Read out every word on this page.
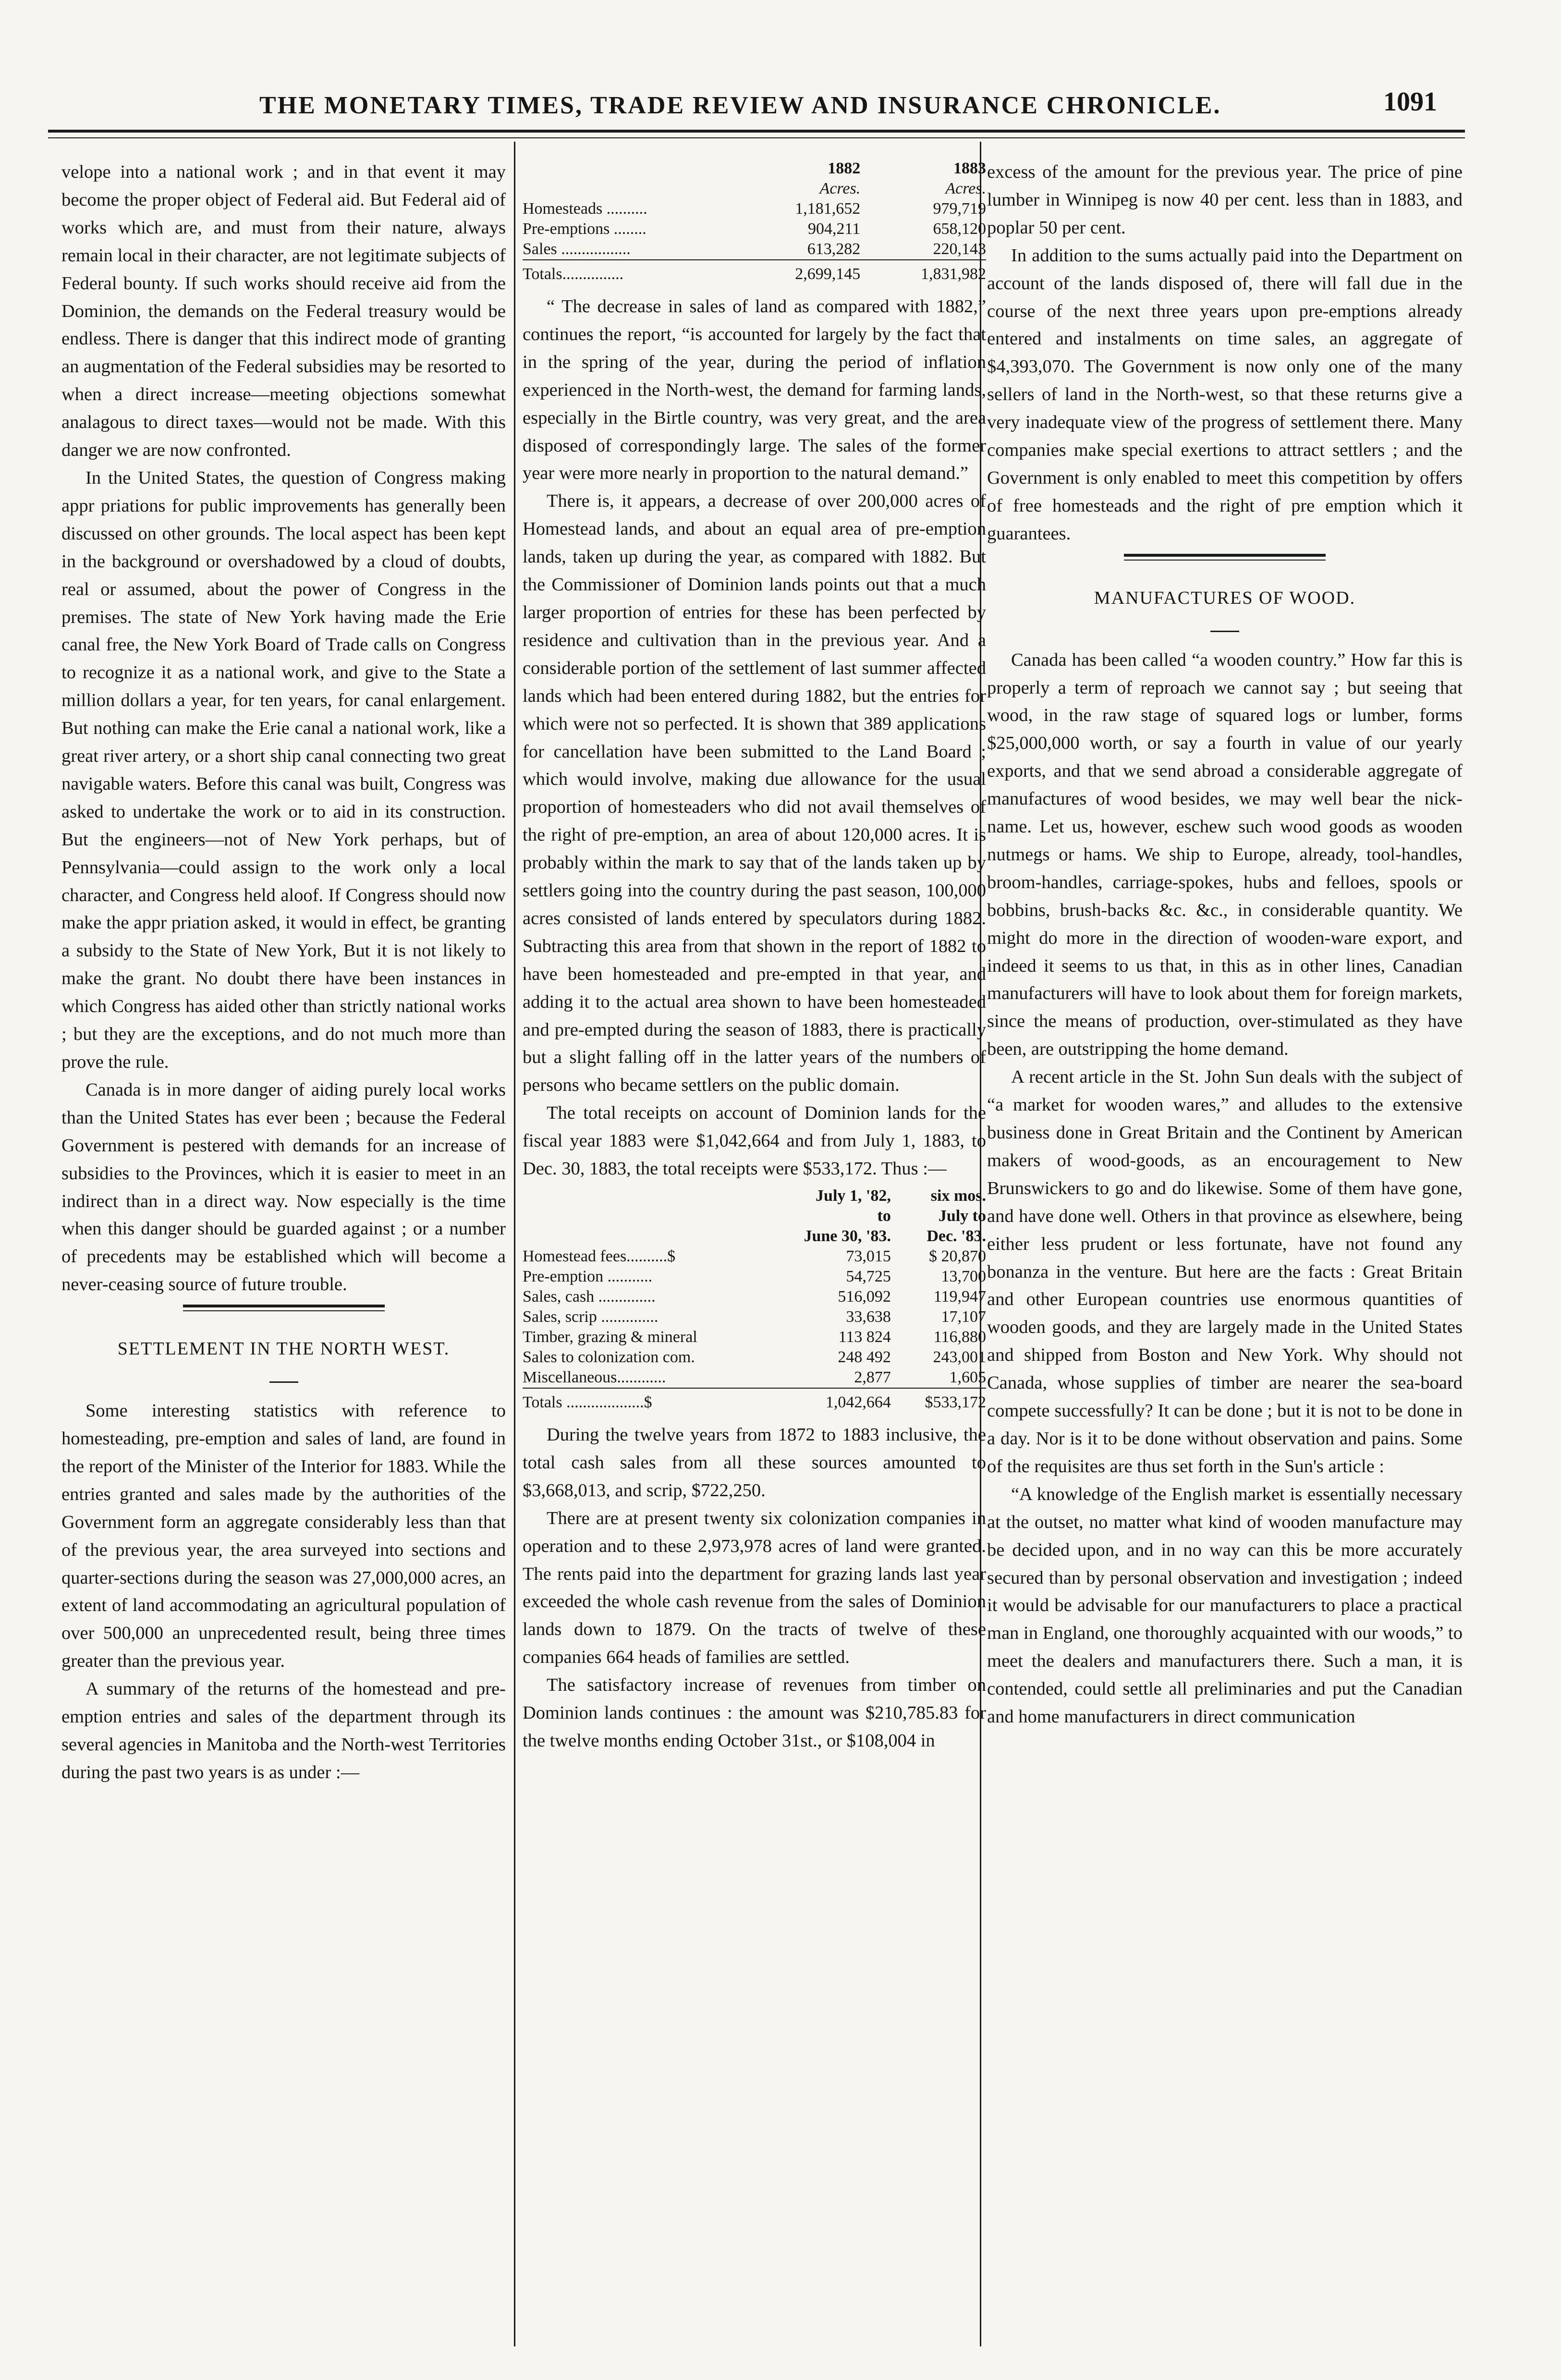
THE MONETARY TIMES, TRADE REVIEW AND INSURANCE CHRONICLE.	1091

velope into a national work ; and in that event it may become the proper object of Federal aid. But Federal aid of works which are, and must from their nature, always remain local in their character, are not legitimate subjects of Federal bounty. If such works should receive aid from the Dominion, the demands on the Federal treasury would be endless. There is danger that this indirect mode of granting an augmentation of the Federal subsidies may be resorted to when a direct increase—meeting objections somewhat analagous to direct taxes—would not be made. With this danger we are now confronted.

In the United States, the question of Congress making appr priations for public improvements has generally been discussed on other grounds. The local aspect has been kept in the background or overshadowed by a cloud of doubts, real or assumed, about the power of Congress in the premises. The state of New York having made the Erie canal free, the New York Board of Trade calls on Congress to recognize it as a national work, and give to the State a million dollars a year, for ten years, for canal enlargement. But nothing can make the Erie canal a national work, like a great river artery, or a short ship canal connecting two great navigable waters. Before this canal was built, Congress was asked to undertake the work or to aid in its construction. But the engineers—not of New York perhaps, but of Pennsylvania—could assign to the work only a local character, and Congress held aloof. If Congress should now make the appr priation asked, it would in effect, be granting a subsidy to the State of New York, But it is not likely to make the grant. No doubt there have been instances in which Congress has aided other than strictly national works ; but they are the exceptions, and do not much more than prove the rule.

Canada is in more danger of aiding purely local works than the United States has ever been ; because the Federal Government is pestered with demands for an increase of subsidies to the Provinces, which it is easier to meet in an indirect than in a direct way. Now especially is the time when this danger should be guarded against ; or a number of precedents may be established which will become a never-ceasing source of future trouble.

SETTLEMENT IN THE NORTH WEST.

Some interesting statistics with reference to homesteading, pre-emption and sales of land, are found in the report of the Minister of the Interior for 1883. While the entries granted and sales made by the authorities of the Government form an aggregate considerably less than that of the previous year, the area surveyed into sections and quarter-sections during the season was 27,000,000 acres, an extent of land accommodating an agricultural population of over 500,000 an unprecedented result, being three times greater than the previous year.

A summary of the returns of the homestead and pre-emption entries and sales of the department through its several agencies in Manitoba and the North-west Territories during the past two years is as under :—

	1882	1883
	Acres.	Acres.
Homesteads ..........	1,181,652	979,719
Pre-emptions ........	904,211	658,120
Sales .................	613,282	220,143
Totals...............	2,699,145	1,831,982

“ The decrease in sales of land as compared with 1882,” continues the report, “is accounted for largely by the fact that in the spring of the year, during the period of inflation experienced in the North-west, the demand for farming lands, especially in the Birtle country, was very great, and the area disposed of correspondingly large. The sales of the former year were more nearly in proportion to the natural demand.”

There is, it appears, a decrease of over 200,000 acres of Homestead lands, and about an equal area of pre-emption lands, taken up during the year, as compared with 1882. But the Commissioner of Dominion lands points out that a much larger proportion of entries for these has been perfected by residence and cultivation than in the previous year. And a considerable portion of the settlement of last summer affected lands which had been entered during 1882, but the entries for which were not so perfected. It is shown that 389 applications for cancellation have been submitted to the Land Board ; which would involve, making due allowance for the usual proportion of homesteaders who did not avail themselves of the right of pre-emption, an area of about 120,000 acres. It is probably within the mark to say that of the lands taken up by settlers going into the country during the past season, 100,000 acres consisted of lands entered by speculators during 1882. Subtracting this area from that shown in the report of 1882 to have been homesteaded and pre-empted in that year, and adding it to the actual area shown to have been homesteaded and pre-empted during the season of 1883, there is practically but a slight falling off in the latter years of the numbers of persons who became settlers on the public domain.

The total receipts on account of Dominion lands for the fiscal year 1883 were $1,042,664 and from July 1, 1883, to Dec. 30, 1883, the total receipts were $533,172. Thus :—

	July 1, '82,	six mos.
	to	July to
	June 30, '83.	Dec. '83.
Homestead fees..........$	73,015	$ 20,870
Pre-emption ...........	54,725	13,700
Sales, cash ..............	516,092	119,947
Sales, scrip ..............	33,638	17,107
Timber, grazing & mineral	113 824	116,880
Sales to colonization com.	248 492	243,001
Miscellaneous............	2,877	1,605
Totals ...................$	1,042,664	$533,172

During the twelve years from 1872 to 1883 inclusive, the total cash sales from all these sources amounted to $3,668,013, and scrip, $722,250.

There are at present twenty six colonization companies in operation and to these 2,973,978 acres of land were granted. The rents paid into the department for grazing lands last year exceeded the whole cash revenue from the sales of Dominion lands down to 1879. On the tracts of twelve of these companies 664 heads of families are settled.

The satisfactory increase of revenues from timber on Dominion lands continues : the amount was $210,785.83 for the twelve months ending October 31st., or $108,004 in

excess of the amount for the previous year. The price of pine lumber in Winnipeg is now 40 per cent. less than in 1883, and poplar 50 per cent.

In addition to the sums actually paid into the Department on account of the lands disposed of, there will fall due in the course of the next three years upon pre-emptions already entered and instalments on time sales, an aggregate of $4,393,070. The Government is now only one of the many sellers of land in the North-west, so that these returns give a very inadequate view of the progress of settlement there. Many companies make special exertions to attract settlers ; and the Government is only enabled to meet this competition by offers of free homesteads and the right of pre emption which it guarantees.

MANUFACTURES OF WOOD.

Canada has been called “a wooden country.” How far this is properly a term of reproach we cannot say ; but seeing that wood, in the raw stage of squared logs or lumber, forms $25,000,000 worth, or say a fourth in value of our yearly exports, and that we send abroad a considerable aggregate of manufactures of wood besides, we may well bear the nick-name. Let us, however, eschew such wood goods as wooden nutmegs or hams. We ship to Europe, already, tool-handles, broom-handles, carriage-spokes, hubs and felloes, spools or bobbins, brush-backs &c. &c., in considerable quantity. We might do more in the direction of wooden-ware export, and indeed it seems to us that, in this as in other lines, Canadian manufacturers will have to look about them for foreign markets, since the means of production, over-stimulated as they have been, are outstripping the home demand.

A recent article in the St. John Sun deals with the subject of “a market for wooden wares,” and alludes to the extensive business done in Great Britain and the Continent by American makers of wood-goods, as an encouragement to New Brunswickers to go and do likewise. Some of them have gone, and have done well. Others in that province as elsewhere, being either less prudent or less fortunate, have not found any bonanza in the venture. But here are the facts : Great Britain and other European countries use enormous quantities of wooden goods, and they are largely made in the United States and shipped from Boston and New York. Why should not Canada, whose supplies of timber are nearer the sea-board compete successfully? It can be done ; but it is not to be done in a day. Nor is it to be done without observation and pains. Some of the requisites are thus set forth in the Sun's article :

“A knowledge of the English market is essentially necessary at the outset, no matter what kind of wooden manufacture may be decided upon, and in no way can this be more accurately secured than by personal observation and investigation ; indeed it would be advisable for our manufacturers to place a practical man in England, one thoroughly acquainted with our woods,” to meet the dealers and manufacturers there. Such a man, it is contended, could settle all preliminaries and put the Canadian and home manufacturers in direct communication
